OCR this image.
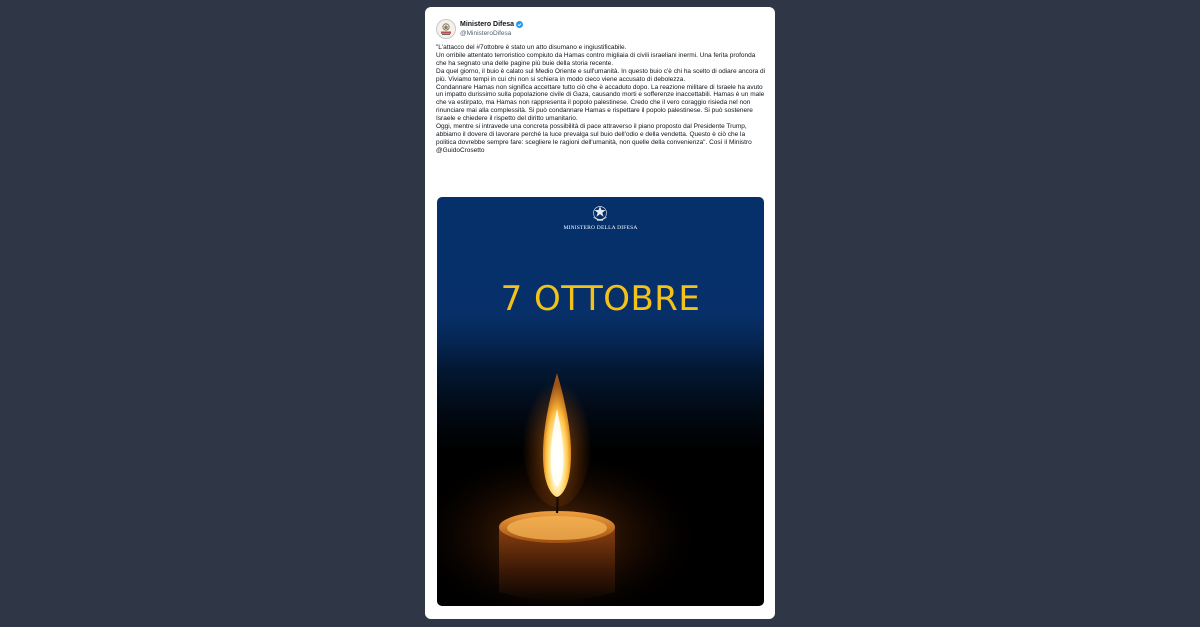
Ministero Difesa
@MinisteroDifesa

"L'attacco del #7ottobre è stato un atto disumano e ingiustificabile.

Un orribile attentato terroristico compiuto da Hamas contro migliaia di civili israeliani inermi. Una ferita profonda che ha segnato una delle pagine più buie della storia recente.

Da quel giorno, il buio è calato sul Medio Oriente e sull'umanità. In questo buio c'è chi ha scelto di odiare ancora di più. Viviamo tempi in cui chi non si schiera in modo cieco viene accusato di debolezza.

Condannare Hamas non significa accettare tutto ciò che è accaduto dopo. La reazione militare di Israele ha avuto un impatto durissimo sulla popolazione civile di Gaza, causando morti e sofferenze inaccettabili. Hamas è un male che va estirpato, ma Hamas non rappresenta il popolo palestinese. Credo che il vero coraggio risieda nel non rinunciare mai alla complessità. Si può condannare Hamas e rispettare il popolo palestinese. Si può sostenere Israele e chiedere il rispetto del diritto umanitario.

Oggi, mentre si intravede una concreta possibilità di pace attraverso il piano proposto dal Presidente Trump, abbiamo il dovere di lavorare perché la luce prevalga sul buio dell'odio e della vendetta. Questo è ciò che la politica dovrebbe sempre fare: scegliere le ragioni dell'umanità, non quelle della convenienza". Così il Ministro @GuidoCrosetto

MINISTERO DELLA DIFESA
7 OTTOBRE
